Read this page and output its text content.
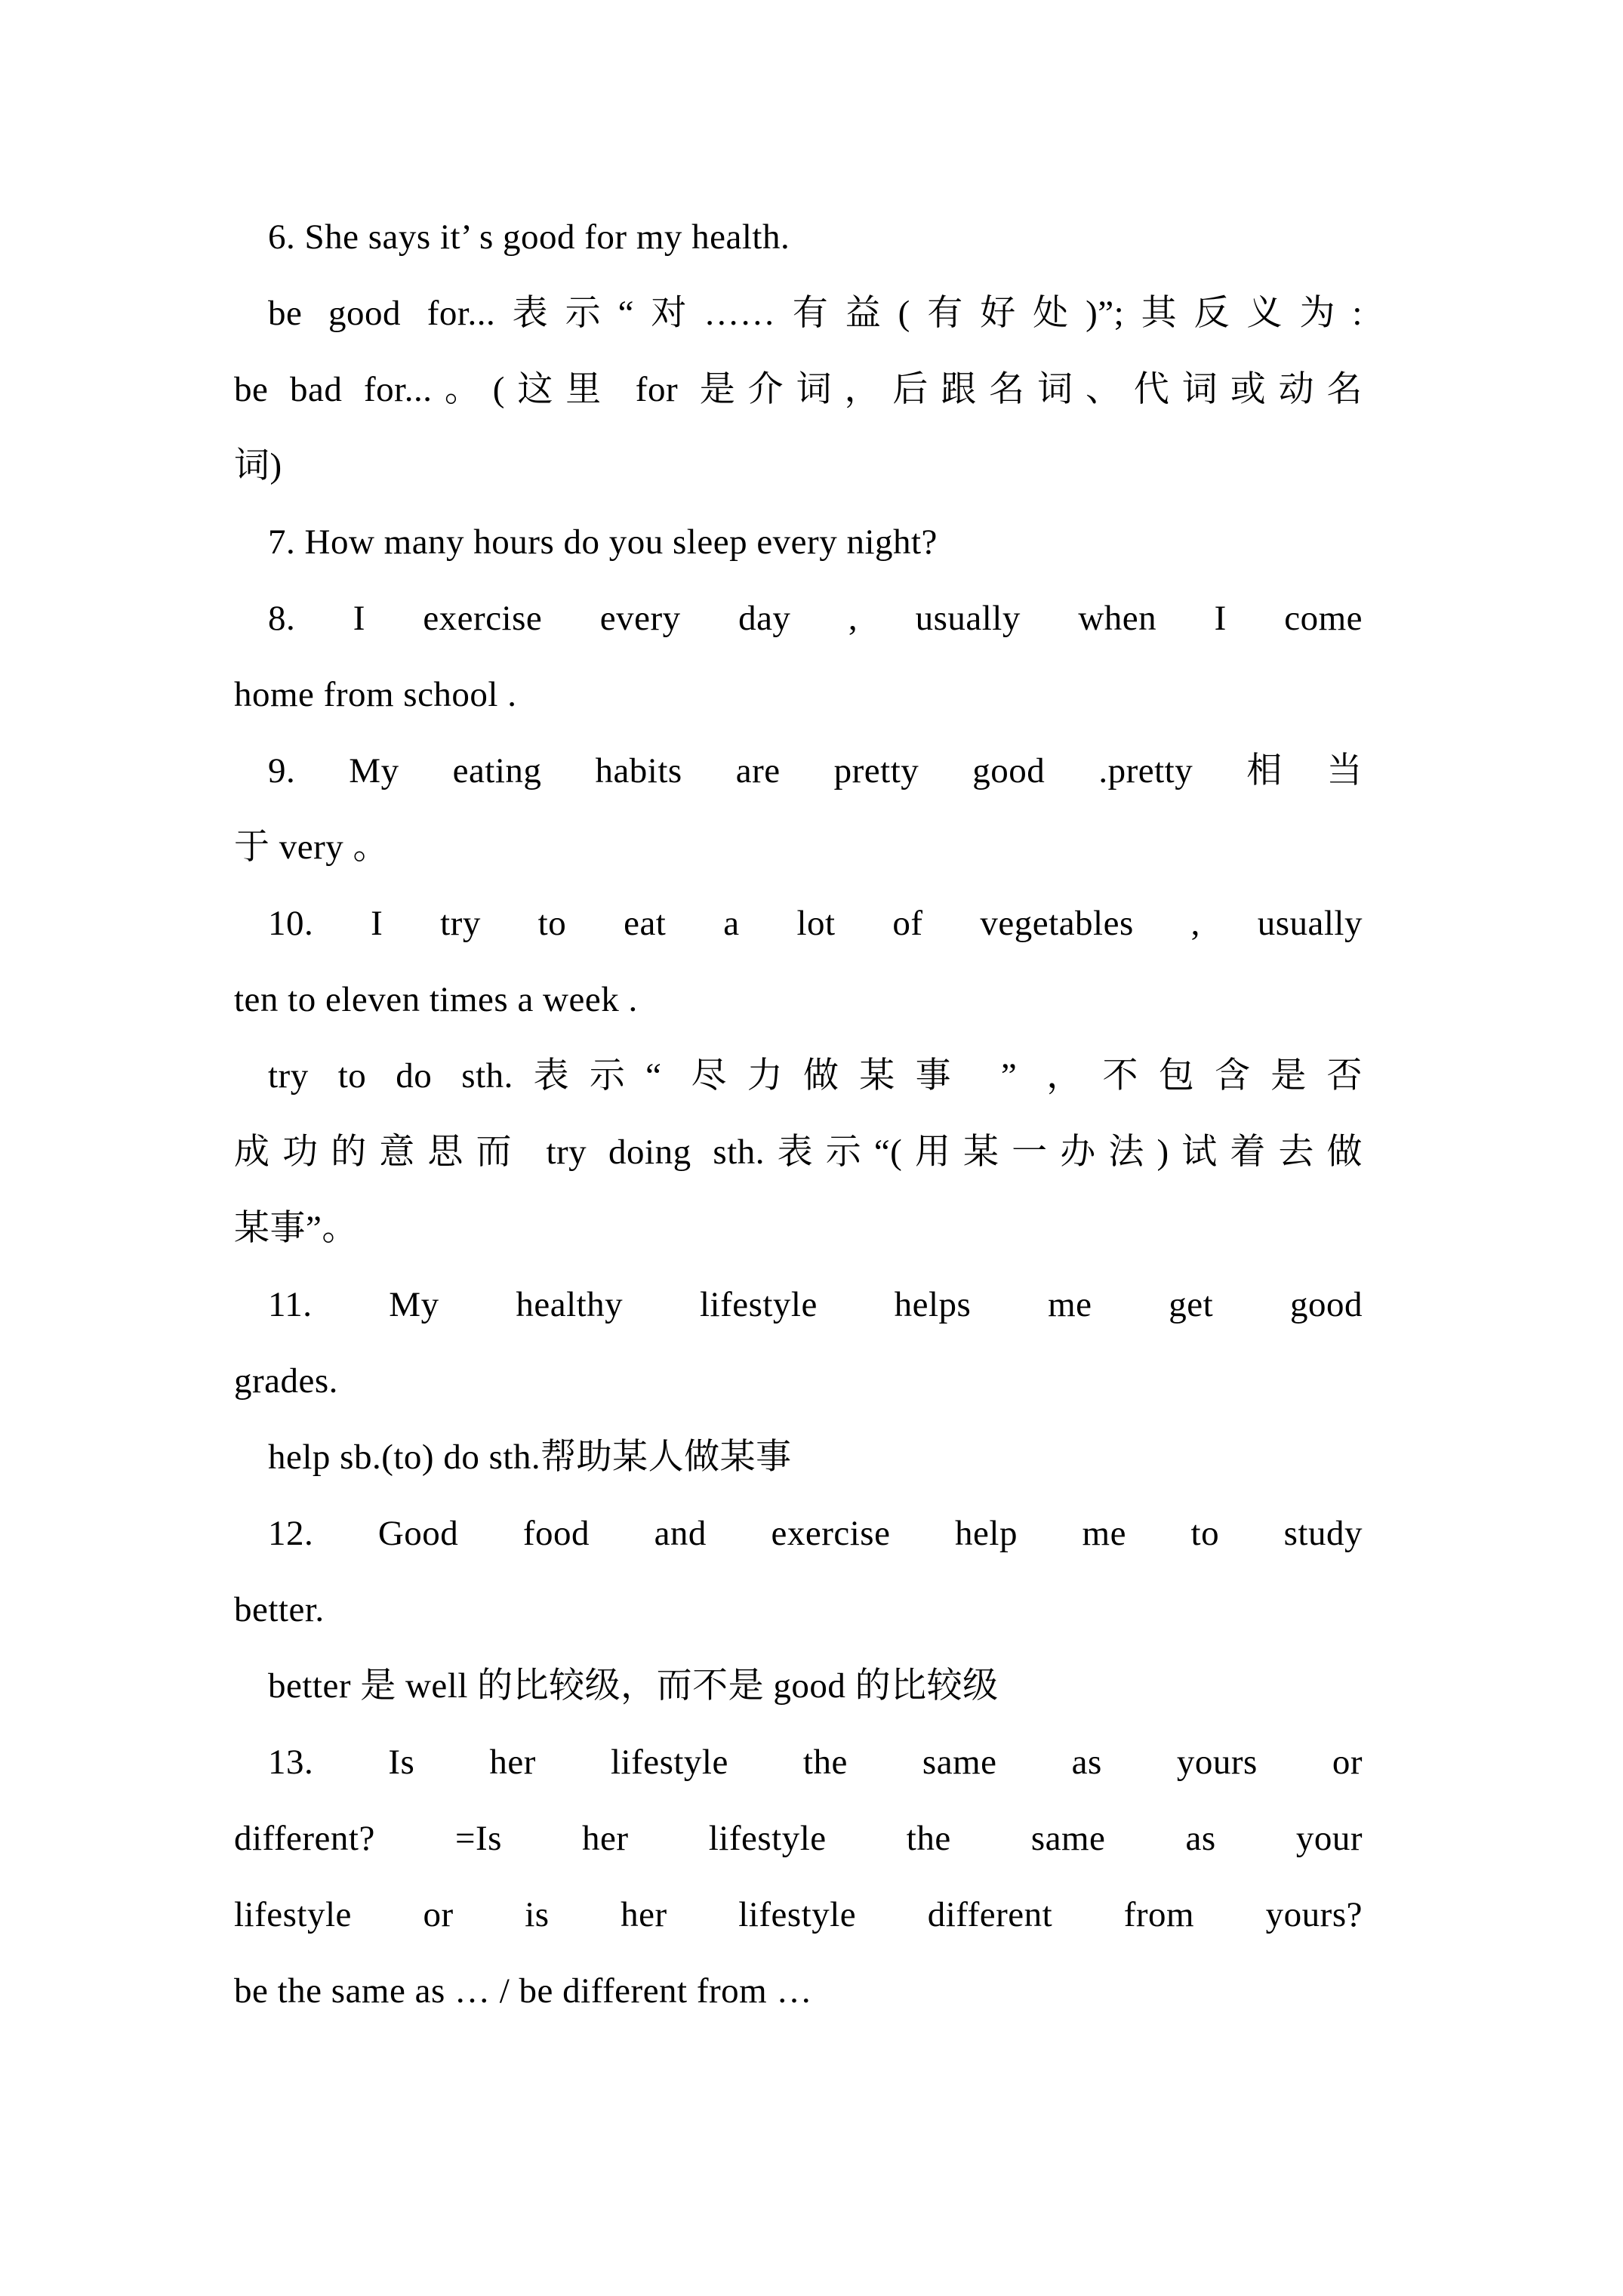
6. She says it’ s good for my health.
be good for...表示“对……有益(有好处)”;其反义为:
be bad for...。(这里 for 是介词，后跟名词、代词或动名
词)
7. How many hours do you sleep every night?
8. I exercise every day , usually when I come
home from school .
9. My eating habits are pretty good .pretty 相当
于 very 。
10. I try to eat a lot of vegetables , usually
ten to eleven times a week .
try to do sth.表示“ 尽力做某事 ” ，不包含是否
成功的意思而 try doing sth.表示“(用某一办法)试着去做
某事”。
11. My healthy lifestyle helps me get good
grades.
help sb.(to) do sth.帮助某人做某事
12. Good food and exercise help me to study
better.
better 是 well 的比较级，而不是 good 的比较级
13. Is her lifestyle the same as yours or
different? =Is her lifestyle the same as your
lifestyle or is her lifestyle different from yours?
be the same as … / be different from …
